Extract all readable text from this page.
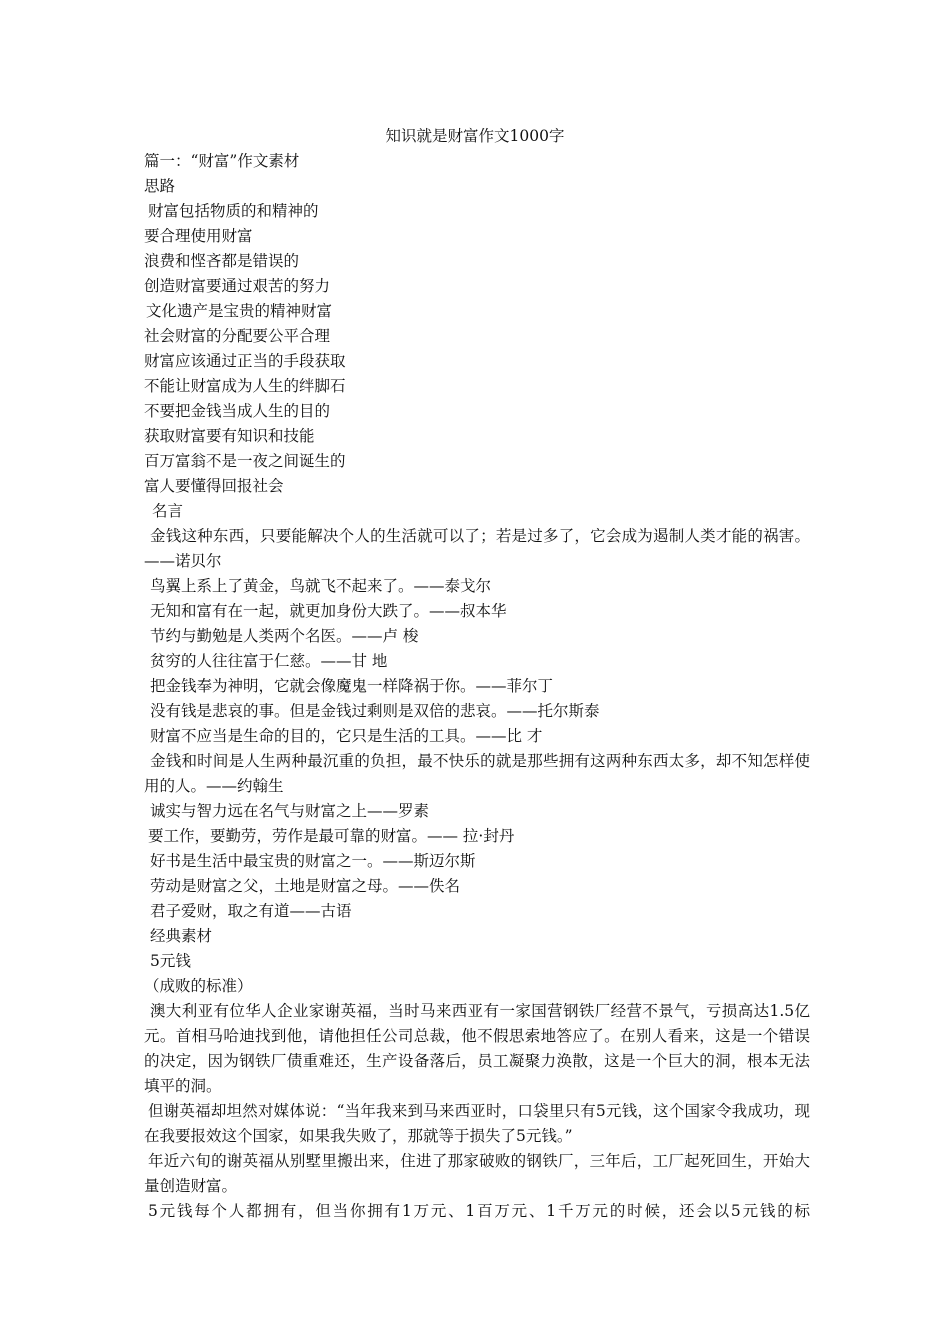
知识就是财富作文1000字

篇一：“财富”作文素材

思路

财富包括物质的和精神的

要合理使用财富

浪费和悭吝都是错误的

创造财富要通过艰苦的努力

文化遗产是宝贵的精神财富

社会财富的分配要公平合理

财富应该通过正当的手段获取

不能让财富成为人生的绊脚石

不要把金钱当成人生的目的

获取财富要有知识和技能

百万富翁不是一夜之间诞生的

富人要懂得回报社会

名言

金钱这种东西，只要能解决个人的生活就可以了；若是过多了，它会成为遏制人类才能的祸害。——诺贝尔

鸟翼上系上了黄金，鸟就飞不起来了。——泰戈尔

无知和富有在一起，就更加身份大跌了。——叔本华

节约与勤勉是人类两个名医。——卢 梭

贫穷的人往往富于仁慈。——甘 地

把金钱奉为神明，它就会像魔鬼一样降祸于你。——菲尔丁

没有钱是悲哀的事。但是金钱过剩则是双倍的悲哀。——托尔斯泰

财富不应当是生命的目的，它只是生活的工具。——比 才

金钱和时间是人生两种最沉重的负担，最不快乐的就是那些拥有这两种东西太多，却不知怎样使用的人。——约翰生

诚实与智力远在名气与财富之上——罗素

要工作，要勤劳，劳作是最可靠的财富。—— 拉·封丹

好书是生活中最宝贵的财富之一。——斯迈尔斯

劳动是财富之父，土地是财富之母。——佚名

君子爱财，取之有道——古语

经典素材

5元钱

（成败的标准）

澳大利亚有位华人企业家谢英福，当时马来西亚有一家国营钢铁厂经营不景气，亏损高达1.5亿元。首相马哈迪找到他，请他担任公司总裁，他不假思索地答应了。在别人看来，这是一个错误的决定，因为钢铁厂债重难还，生产设备落后，员工凝聚力涣散，这是一个巨大的洞，根本无法填平的洞。

但谢英福却坦然对媒体说：“当年我来到马来西亚时，口袋里只有5元钱，这个国家令我成功，现在我要报效这个国家，如果我失败了，那就等于损失了5元钱。”

年近六旬的谢英福从别墅里搬出来，住进了那家破败的钢铁厂，三年后，工厂起死回生，开始大量创造财富。

5元钱每个人都拥有，但当你拥有1万元、1百万元、1千万元的时候，还会以5元钱的标
